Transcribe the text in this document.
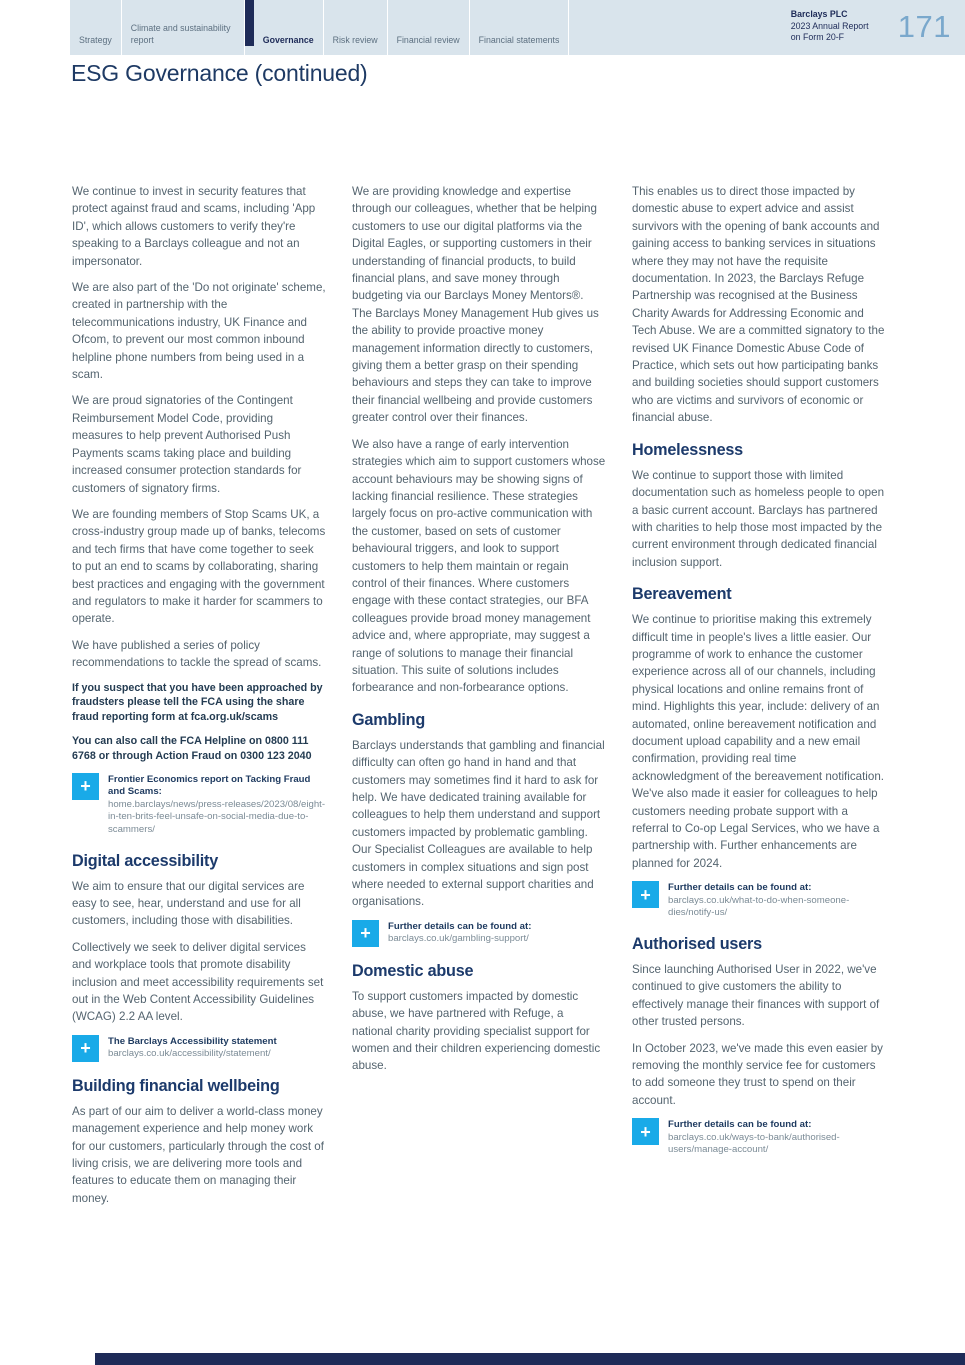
Strategy
Climate and sustainability report	Governance Risk review Financial review Financial statements
Barclays PLC
2023 Annual Report
on Form 20-F	171
ESG Governance (continued)

We continue to invest in security features that protect against fraud and scams, including 'App ID', which allows customers to verify they're speaking to a Barclays colleague and not an impersonator.

We are also part of the 'Do not originate' scheme, created in partnership with the telecommunications industry, UK Finance and Ofcom, to prevent our most common inbound helpline phone numbers from being used in a scam.

We are proud signatories of the Contingent Reimbursement Model Code, providing measures to help prevent Authorised Push Payments scams taking place and building increased consumer protection standards for customers of signatory firms.

We are founding members of Stop Scams UK, a cross-industry group made up of banks, telecoms and tech firms that have come together to seek to put an end to scams by collaborating, sharing best practices and engaging with the government and regulators to make it harder for scammers to operate.

We have published a series of policy recommendations to tackle the spread of scams.

If you suspect that you have been approached by fraudsters please tell the FCA using the share fraud reporting form at fca.org.uk/scams
You can also call the FCA Helpline on 0800 111 6768 or through Action Fraud on 0300 123 2040
+	Frontier Economics report on Tacking Fraud and Scams:
home.barclays/news/press-releases/2023/08/eight-in-ten-brits-feel-unsafe-on-social-media-due-to-scammers/
Digital accessibility

We aim to ensure that our digital services are easy to see, hear, understand and use for all customers, including those with disabilities.

Collectively we seek to deliver digital services and workplace tools that promote disability inclusion and meet accessibility requirements set out in the Web Content Accessibility Guidelines (WCAG) 2.2 AA level.

+	The Barclays Accessibility statement
barclays.co.uk/accessibility/statement/
Building financial wellbeing

As part of our aim to deliver a world-class money management experience and help money work for our customers, particularly through the cost of living crisis, we are delivering more tools and features to educate them on managing their money.

We are providing knowledge and expertise through our colleagues, whether that be helping customers to use our digital platforms via the Digital Eagles, or supporting customers in their understanding of financial products, to build financial plans, and save money through budgeting via our Barclays Money Mentors®. The Barclays Money Management Hub gives us the ability to provide proactive money management information directly to customers, giving them a better grasp on their spending behaviours and steps they can take to improve their financial wellbeing and provide customers greater control over their finances.

We also have a range of early intervention strategies which aim to support customers whose account behaviours may be showing signs of lacking financial resilience. These strategies largely focus on pro-active communication with the customer, based on sets of customer behavioural triggers, and look to support customers to help them maintain or regain control of their finances. Where customers engage with these contact strategies, our BFA colleagues provide broad money management advice and, where appropriate, may suggest a range of solutions to manage their financial situation. This suite of solutions includes forbearance and non-forbearance options.

Gambling

Barclays understands that gambling and financial difficulty can often go hand in hand and that customers may sometimes find it hard to ask for help. We have dedicated training available for colleagues to help them understand and support customers impacted by problematic gambling. Our Specialist Colleagues are available to help customers in complex situations and sign post where needed to external support charities and organisations.

+	Further details can be found at:
barclays.co.uk/gambling-support/
Domestic abuse

To support customers impacted by domestic abuse, we have partnered with Refuge, a national charity providing specialist support for women and their children experiencing domestic abuse.

This enables us to direct those impacted by domestic abuse to expert advice and assist survivors with the opening of bank accounts and gaining access to banking services in situations where they may not have the requisite documentation. In 2023, the Barclays Refuge Partnership was recognised at the Business Charity Awards for Addressing Economic and Tech Abuse. We are a committed signatory to the revised UK Finance Domestic Abuse Code of Practice, which sets out how participating banks and building societies should support customers who are victims and survivors of economic or financial abuse.

Homelessness

We continue to support those with limited documentation such as homeless people to open a basic current account. Barclays has partnered with charities to help those most impacted by the current environment through dedicated financial inclusion support.

Bereavement

We continue to prioritise making this extremely difficult time in people's lives a little easier. Our programme of work to enhance the customer experience across all of our channels, including physical locations and online remains front of mind. Highlights this year, include: delivery of an automated, online bereavement notification and document upload capability and a new email confirmation, providing real time acknowledgment of the bereavement notification. We've also made it easier for colleagues to help customers needing probate support with a referral to Co-op Legal Services, who we have a partnership with. Further enhancements are planned for 2024.

+	Further details can be found at:
barclays.co.uk/what-to-do-when-someone-dies/notify-us/
Authorised users

Since launching Authorised User in 2022, we've continued to give customers the ability to effectively manage their finances with support of other trusted persons.

In October 2023, we've made this even easier by removing the monthly service fee for customers to add someone they trust to spend on their account.

+	Further details can be found at:
barclays.co.uk/ways-to-bank/authorised-users/manage-account/
